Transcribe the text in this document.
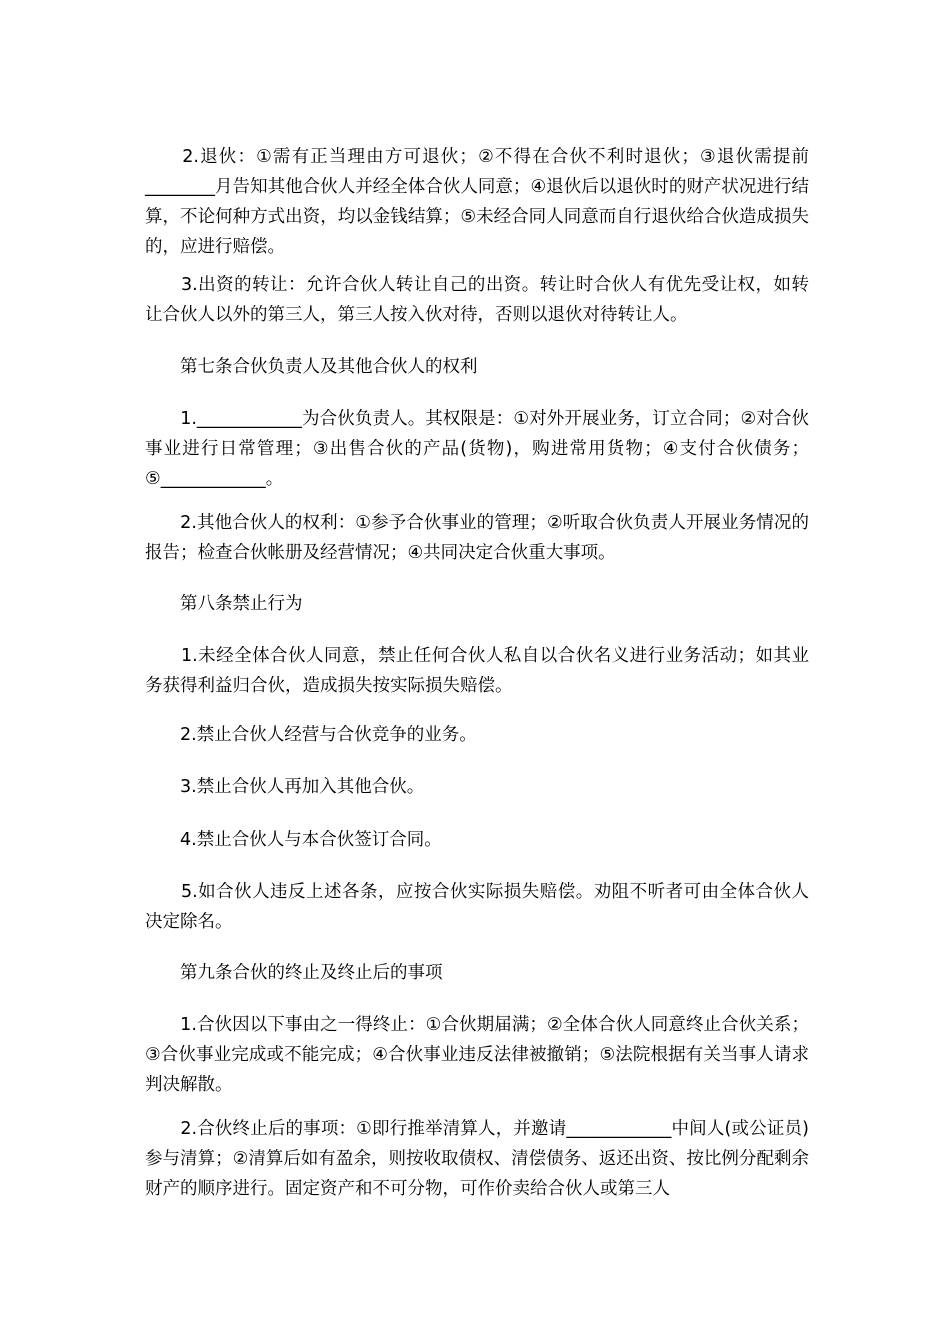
　　2.退伙：①需有正当理由方可退伙；②不得在合伙不利时退伙；③退伙需提前________月告知其他合伙人并经全体合伙人同意；④退伙后以退伙时的财产状况进行结算，不论何种方式出资，均以金钱结算；⑤未经合同人同意而自行退伙给合伙造成损失的，应进行赔偿。

　　3.出资的转让：允许合伙人转让自己的出资。转让时合伙人有优先受让权，如转让合伙人以外的第三人，第三人按入伙对待，否则以退伙对待转让人。

　　第七条合伙负责人及其他合伙人的权利

　　1.____________为合伙负责人。其权限是：①对外开展业务，订立合同；②对合伙事业进行日常管理；③出售合伙的产品(货物)，购进常用货物；④支付合伙债务；⑤____________。

　　2.其他合伙人的权利：①参予合伙事业的管理；②听取合伙负责人开展业务情况的报告；检查合伙帐册及经营情况；④共同决定合伙重大事项。

　　第八条禁止行为

　　1.未经全体合伙人同意，禁止任何合伙人私自以合伙名义进行业务活动；如其业务获得利益归合伙，造成损失按实际损失赔偿。

　　2.禁止合伙人经营与合伙竞争的业务。

　　3.禁止合伙人再加入其他合伙。

　　4.禁止合伙人与本合伙签订合同。

　　5.如合伙人违反上述各条，应按合伙实际损失赔偿。劝阻不听者可由全体合伙人决定除名。

　　第九条合伙的终止及终止后的事项

　　1.合伙因以下事由之一得终止：①合伙期届满；②全体合伙人同意终止合伙关系；③合伙事业完成或不能完成；④合伙事业违反法律被撤销；⑤法院根据有关当事人请求判决解散。

　　2.合伙终止后的事项：①即行推举清算人，并邀请____________中间人(或公证员)参与清算；②清算后如有盈余，则按收取债权、清偿债务、返还出资、按比例分配剩余财产的顺序进行。固定资产和不可分物，可作价卖给合伙人或第三人
